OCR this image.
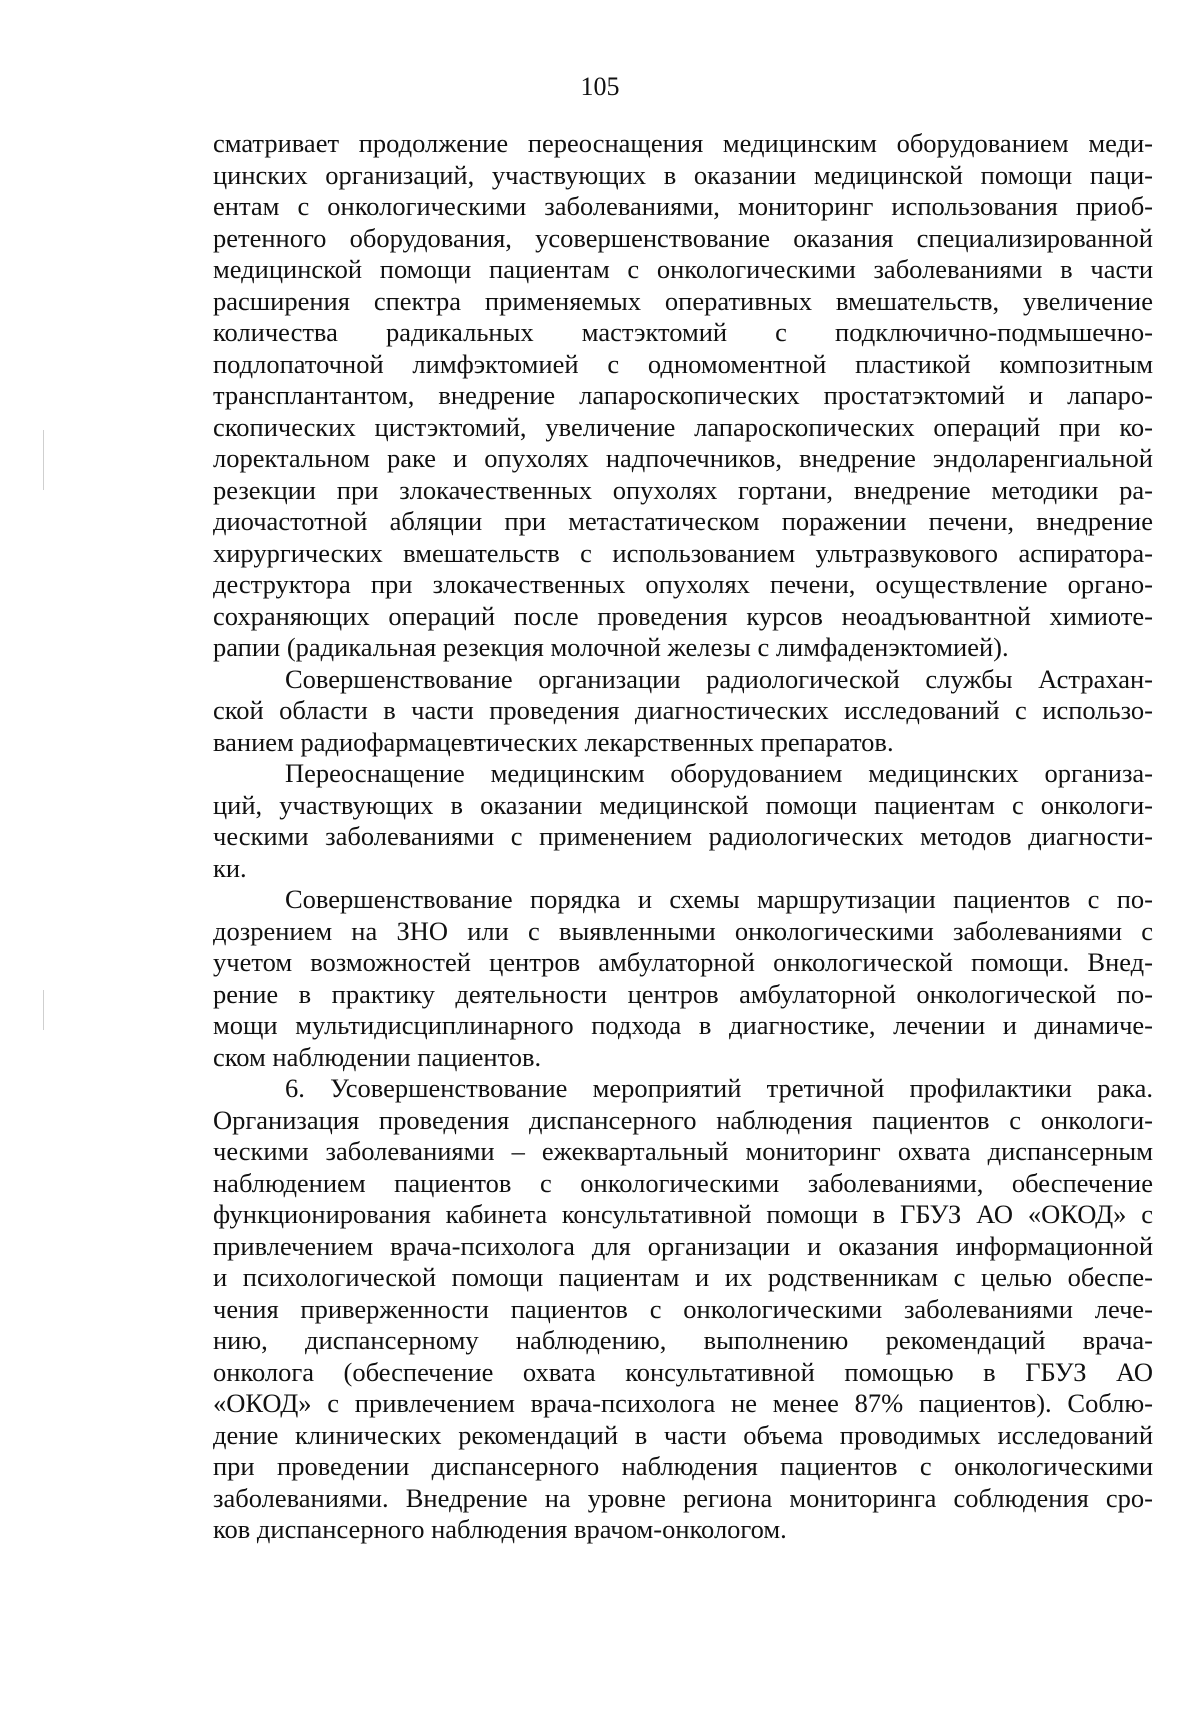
105
сматривает продолжение переоснащения медицинским оборудованием меди-
цинских организаций, участвующих в оказании медицинской помощи паци-
ентам с онкологическими заболеваниями, мониторинг использования приоб-
ретенного оборудования, усовершенствование оказания специализированной
медицинской помощи пациентам с онкологическими заболеваниями в части
расширения спектра применяемых оперативных вмешательств, увеличение
количества радикальных мастэктомий с подключично-подмышечно-
подлопаточной лимфэктомией с одномоментной пластикой композитным
трансплантантом, внедрение лапароскопических простатэктомий и лапаро-
скопических цистэктомий, увеличение лапароскопических операций при ко-
лоректальном раке и опухолях надпочечников, внедрение эндоларенгиальной
резекции при злокачественных опухолях гортани, внедрение методики ра-
диочастотной абляции при метастатическом поражении печени, внедрение
хирургических вмешательств с использованием ультразвукового аспиратора-
деструктора при злокачественных опухолях печени, осуществление органо-
сохраняющих операций после проведения курсов неоадъювантной химиоте-
рапии (радикальная резекция молочной железы с лимфаденэктомией).
Совершенствование организации радиологической службы Астрахан-
ской области в части проведения диагностических исследований с использо-
ванием радиофармацевтических лекарственных препаратов.
Переоснащение медицинским оборудованием медицинских организа-
ций, участвующих в оказании медицинской помощи пациентам с онкологи-
ческими заболеваниями с применением радиологических методов диагности-
ки.
Совершенствование порядка и схемы маршрутизации пациентов с по-
дозрением на ЗНО или с выявленными онкологическими заболеваниями с
учетом возможностей центров амбулаторной онкологической помощи. Внед-
рение в практику деятельности центров амбулаторной онкологической по-
мощи мультидисциплинарного подхода в диагностике, лечении и динамиче-
ском наблюдении пациентов.
6. Усовершенствование мероприятий третичной профилактики рака.
Организация проведения диспансерного наблюдения пациентов с онкологи-
ческими заболеваниями – ежеквартальный мониторинг охвата диспансерным
наблюдением пациентов с онкологическими заболеваниями, обеспечение
функционирования кабинета консультативной помощи в ГБУЗ АО «ОКОД» с
привлечением врача-психолога для организации и оказания информационной
и психологической помощи пациентам и их родственникам с целью обеспе-
чения приверженности пациентов с онкологическими заболеваниями лече-
нию, диспансерному наблюдению, выполнению рекомендаций врача-
онколога (обеспечение охвата консультативной помощью в ГБУЗ АО
«ОКОД» с привлечением врача-психолога не менее 87% пациентов). Соблю-
дение клинических рекомендаций в части объема проводимых исследований
при проведении диспансерного наблюдения пациентов с онкологическими
заболеваниями. Внедрение на уровне региона мониторинга соблюдения сро-
ков диспансерного наблюдения врачом-онкологом.
